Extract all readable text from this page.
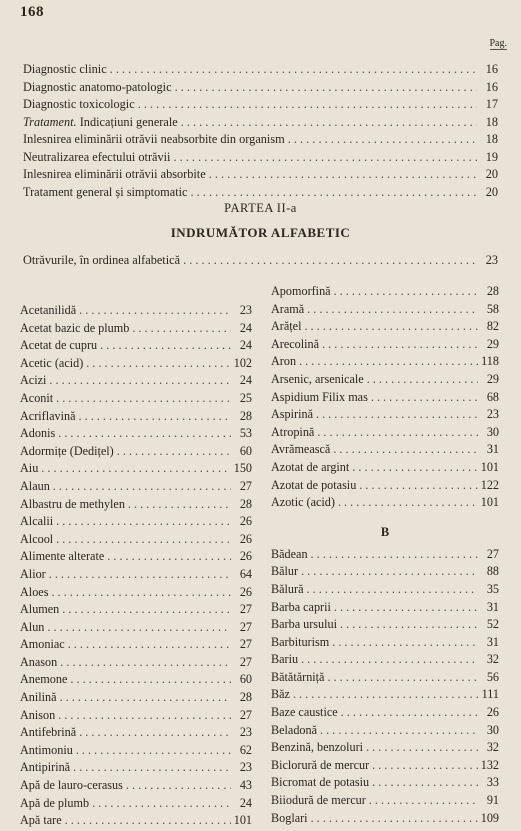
168
Pag.
Diagnostic clinic . . .	16
Diagnostic anatomo-patologic . . .	16
Diagnostic toxicologic . . .	17
Tratament. Indicațiuni generale . . .	18
Inlesnirea eliminării otrăvii neabsorbite din organism . . .	18
Neutralizarea efectului otrăvii . . .	19
Inlesnirea eliminării otrăvii absorbite . . .	20
Tratament general și simptomatic . . .	20
PARTEA II-a
INDRUMĂTOR ALFABETIC
Otrăvurile, în ordinea alfabetică . . .	23
Acetanilidă . . .	23
Acetat bazic de plumb . . .	24
Acetat de cupru . . .	24
Acetic (acid) . . .	102
Acizi . . .	24
Aconit . . .	25
Acriflavină . . .	28
Adonis . . .	53
Adormițe (Dedițel) . . .	60
Aiu . . .	150
Alaun . . .	27
Albastru de methylen . . .	28
Alcalii . . .	26
Alcool . . .	26
Alimente alterate . . .	26
Alior . . .	64
Aloes . . .	26
Alumen . . .	27
Alun . . .	27
Amoniac . . .	27
Anason . . .	27
Anemone . . .	60
Anilină . . .	28
Anison . . .	27
Antifebrină . . .	23
Antimoniu . . .	62
Antipirină . . .	23
Apă de lauro-cerasus . . .	43
Apă de plumb . . .	24
Apă tare . . .	101
Apomorfină . . .	28
Aramă . . .	58
Arățel . . .	82
Arecolină . . .	29
Aron . . .	118
Arsenic, arsenicale . . .	29
Aspidium Filix mas . . .	68
Aspirină . . .	23
Atropină . . .	30
Avrămească . . .	31
Azotat de argint . . .	101
Azotat de potasiu . . .	122
Azotic (acid) . . .	101
B
Bădean . . .	27
Bălur . . .	88
Bălură . . .	35
Barba caprii . . .	31
Barba ursului . . .	52
Barbiturism . . .	31
Bariu . . .	32
Bătătărniță . . .	56
Băz . . .	111
Baze caustice . . .	26
Beladonă . . .	30
Benzină, benzoluri . . .	32
Biclorură de mercur . . .	132
Bicromat de potasiu . . .	33
Biiodură de mercur . . .	91
Boglari . . .	109
